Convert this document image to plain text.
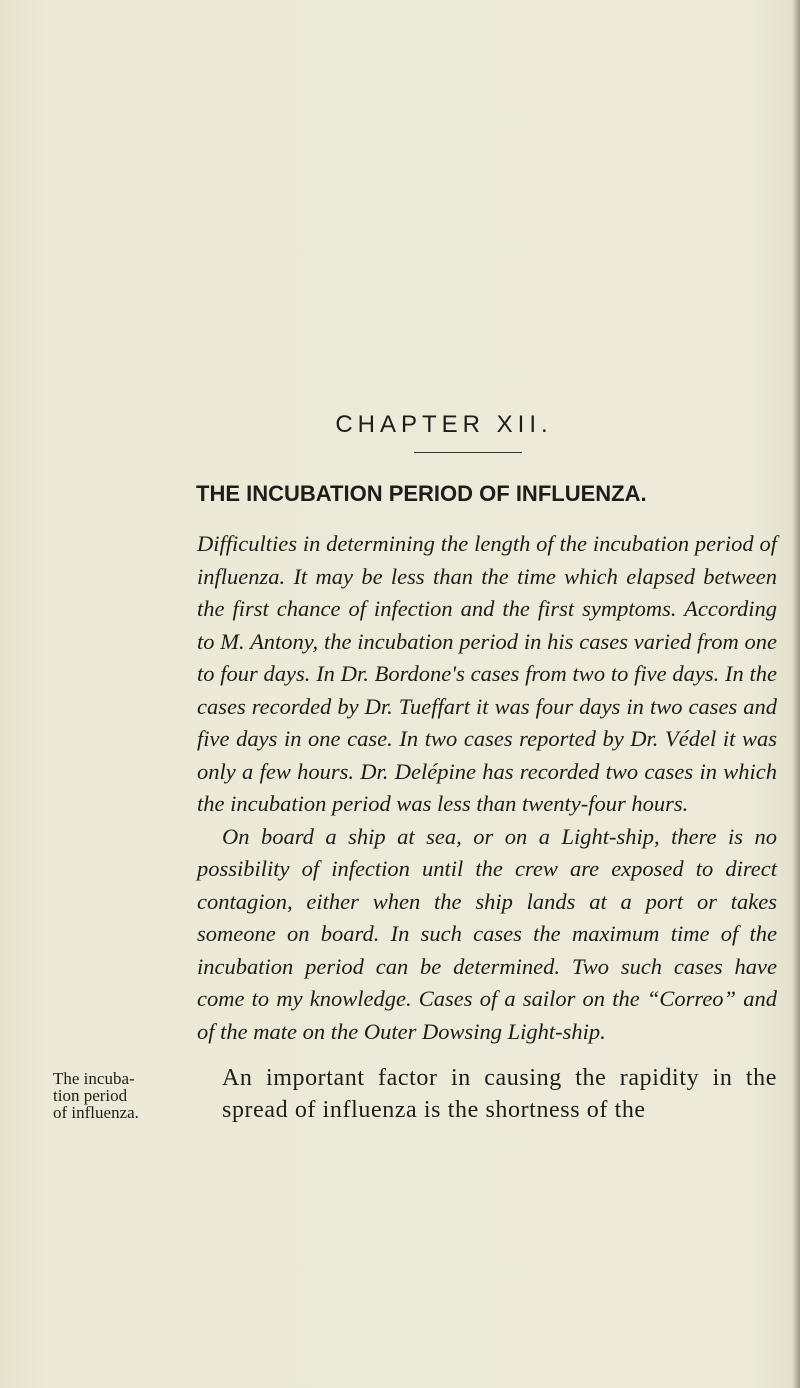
CHAPTER XII.
THE INCUBATION PERIOD OF INFLUENZA.

Difficulties in determining the length of the incubation period of influenza. It may be less than the time which elapsed between the first chance of infection and the first symptoms. According to M. Antony, the incubation period in his cases varied from one to four days. In Dr. Bordone's cases from two to five days. In the cases recorded by Dr. Tueffart it was four days in two cases and five days in one case. In two cases reported by Dr. Védel it was only a few hours. Dr. Delépine has recorded two cases in which the incubation period was less than twenty-four hours.

On board a ship at sea, or on a Light-ship, there is no possibility of infection until the crew are exposed to direct contagion, either when the ship lands at a port or takes someone on board. In such cases the maximum time of the incubation period can be determined. Two such cases have come to my knowledge. Cases of a sailor on the “Correo” and of the mate on the Outer Dowsing Light-ship.

The incuba-
tion period
of influenza.

An important factor in causing the rapidity in the spread of influenza is the shortness of the
